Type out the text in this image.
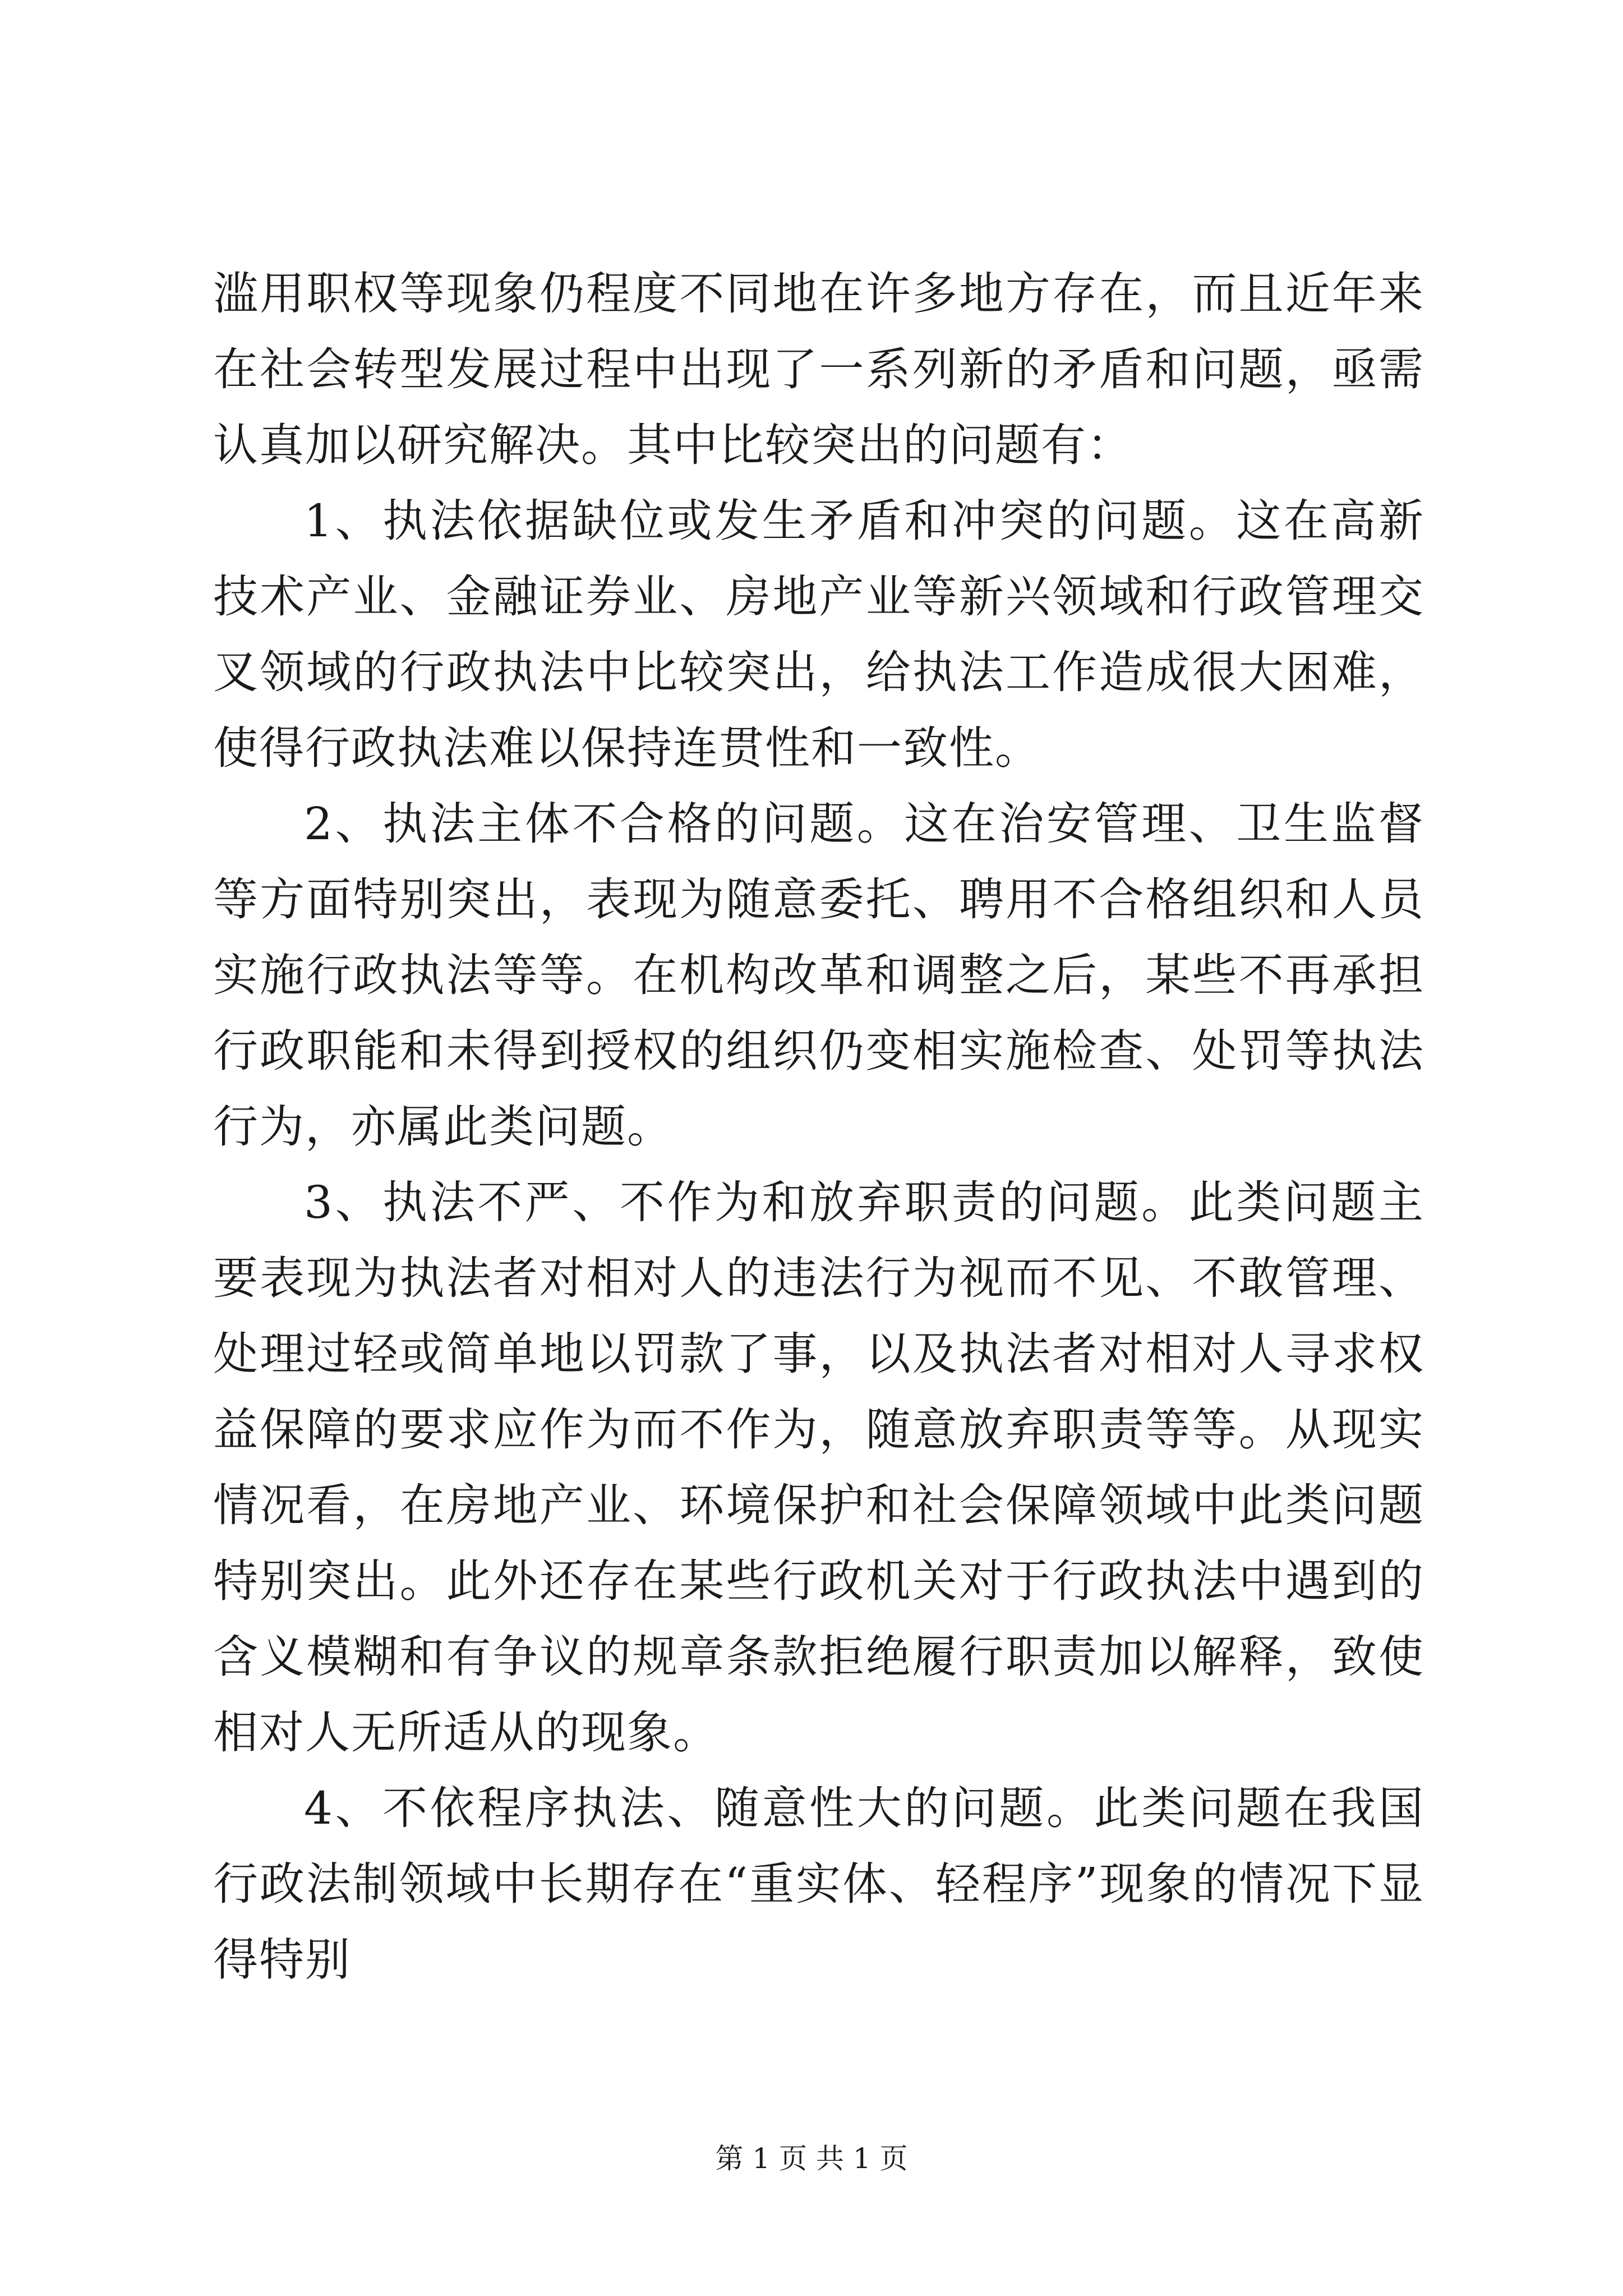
滥用职权等现象仍程度不同地在许多地方存在，而且近年来在社会转型发展过程中出现了一系列新的矛盾和问题，亟需认真加以研究解决。其中比较突出的问题有：

1、执法依据缺位或发生矛盾和冲突的问题。这在高新技术产业、金融证券业、房地产业等新兴领域和行政管理交叉领域的行政执法中比较突出，给执法工作造成很大困难，使得行政执法难以保持连贯性和一致性。

2、执法主体不合格的问题。这在治安管理、卫生监督等方面特别突出，表现为随意委托、聘用不合格组织和人员实施行政执法等等。在机构改革和调整之后，某些不再承担行政职能和未得到授权的组织仍变相实施检查、处罚等执法行为，亦属此类问题。

3、执法不严、不作为和放弃职责的问题。此类问题主要表现为执法者对相对人的违法行为视而不见、不敢管理、处理过轻或简单地以罚款了事，以及执法者对相对人寻求权益保障的要求应作为而不作为，随意放弃职责等等。从现实情况看，在房地产业、环境保护和社会保障领域中此类问题特别突出。此外还存在某些行政机关对于行政执法中遇到的含义模糊和有争议的规章条款拒绝履行职责加以解释，致使相对人无所适从的现象。

4、不依程序执法、随意性大的问题。此类问题在我国行政法制领域中长期存在“重实体、轻程序”现象的情况下显得特别

第 1 页 共 1 页
